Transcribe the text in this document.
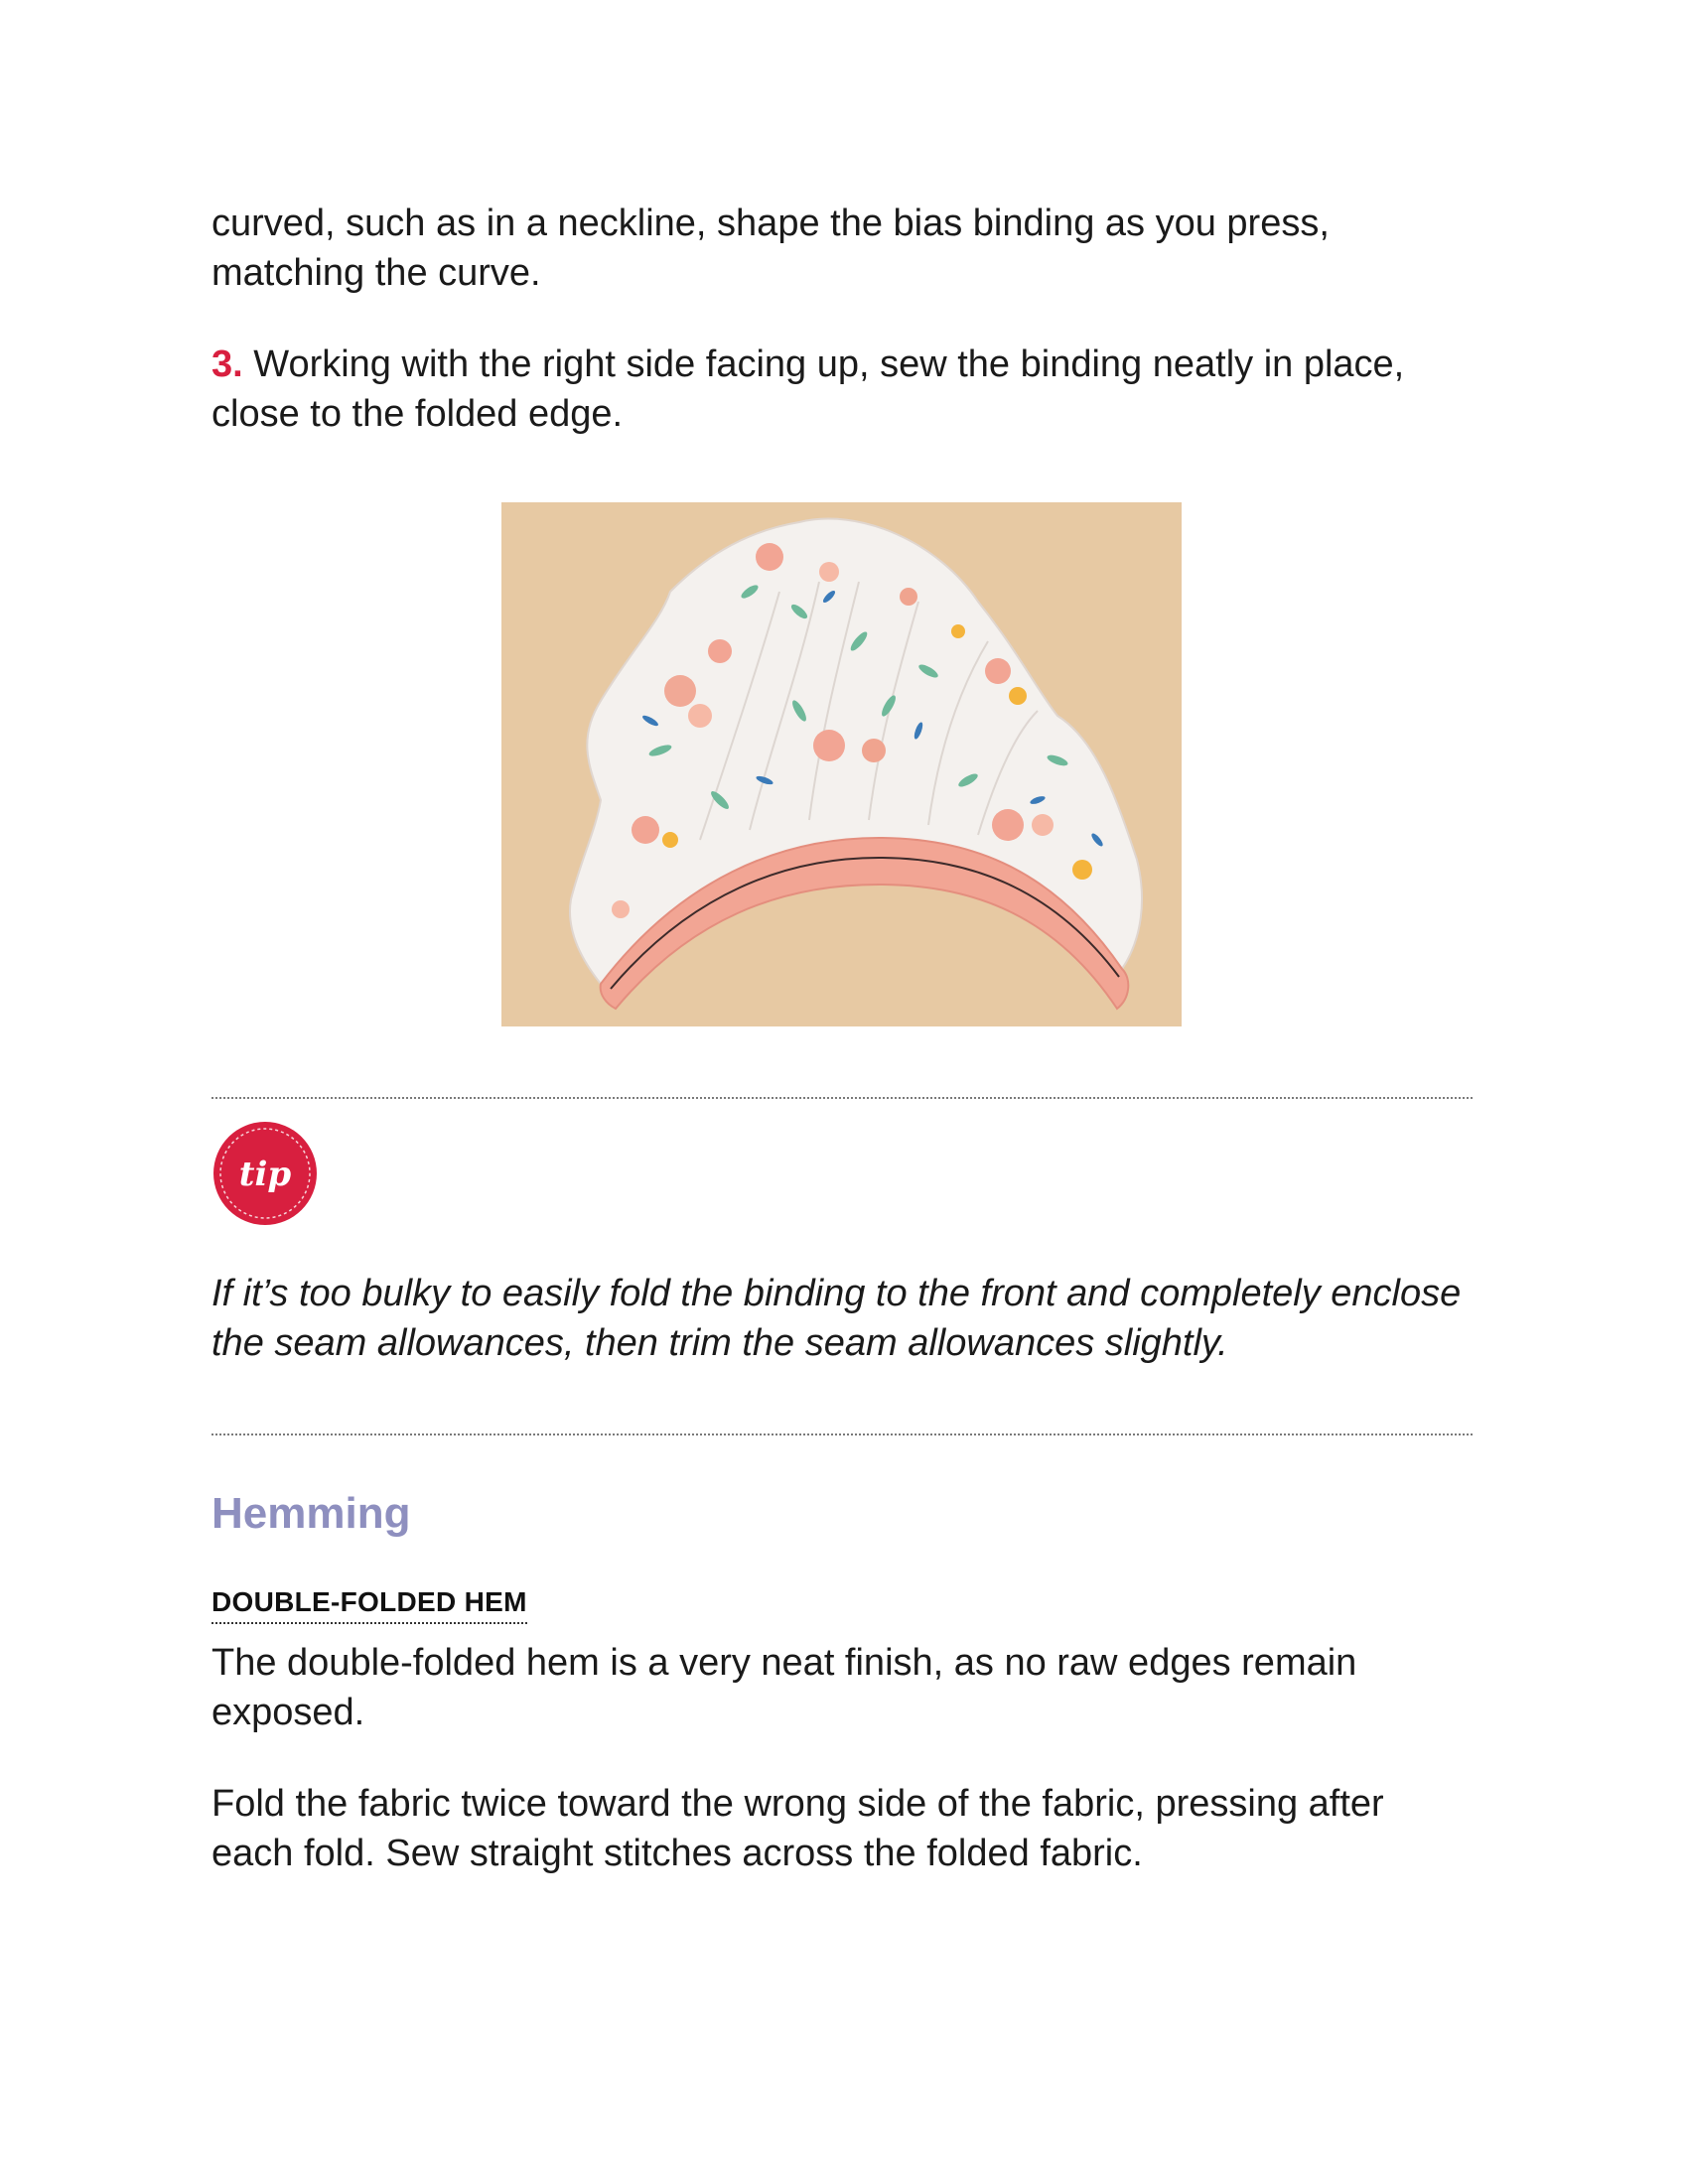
curved, such as in a neckline, shape the bias binding as you press, matching the curve.

3. Working with the right side facing up, sew the binding neatly in place, close to the folded edge.

tip

If it’s too bulky to easily fold the binding to the front and completely enclose the seam allowances, then trim the seam allowances slightly.

Hemming
DOUBLE-FOLDED HEM

The double-folded hem is a very neat finish, as no raw edges remain exposed.

Fold the fabric twice toward the wrong side of the fabric, pressing after each fold. Sew straight stitches across the folded fabric.
